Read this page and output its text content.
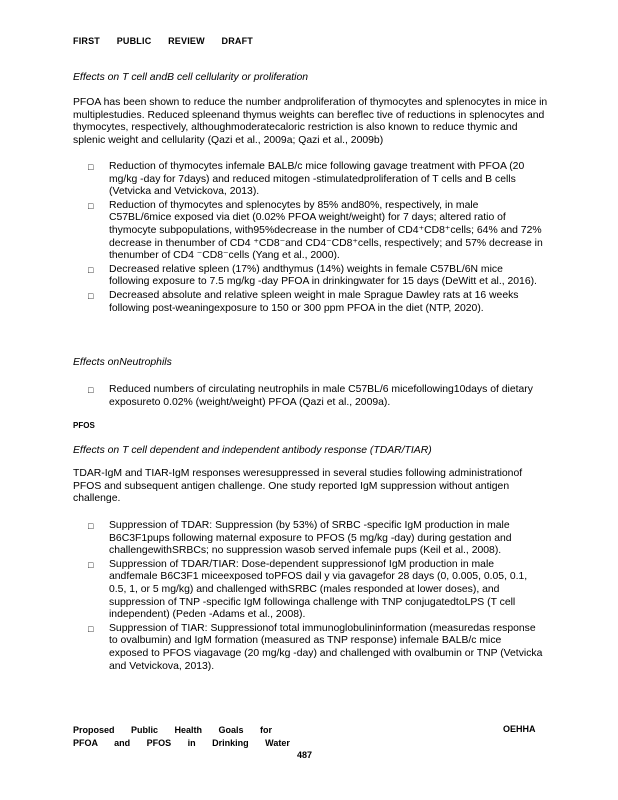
FIRST PUBLIC REVIEW DRAFT
Effects on T cell andB cell cellularity or proliferation
PFOA has been shown to reduce the number andproliferation of thymocytes and splenocytes in mice in multiplestudies. Reduced spleenand thymus weights can bereflec tive of reductions in splenocytes and thymocytes, respectively, althoughmoderatecaloric restriction is also known to reduce thymic and splenic weight and cellularity (Qazi et al., 2009a; Qazi et al., 2009b)
□ Reduction of thymocytes infemale BALB/c mice following gavage treatment with PFOA (20 mg/kg -day for 7days) and reduced mitogen -stimulatedproliferation of T cells and B cells (Vetvicka and Vetvickova, 2013).
□ Reduction of thymocytes and splenocytes by 85% and80%, respectively, in male C57BL/6mice exposed via diet (0.02% PFOA weight/weight) for 7 days; altered ratio of thymocyte subpopulations, with95%decrease in the number of CD4⁺CD8⁺cells; 64% and 72% decrease in thenumber of CD4 ⁺CD8⁻and CD4⁻CD8⁺cells, respectively; and 57% decrease in thenumber of CD4 ⁻CD8⁻cells (Yang et al., 2000).
□ Decreased relative spleen (17%) andthymus (14%) weights in female C57BL/6N mice following exposure to 7.5 mg/kg -day PFOA in drinkingwater for 15 days (DeWitt et al., 2016).
□ Decreased absolute and relative spleen weight in male Sprague Dawley rats at 16 weeks following post-weaningexposure to 150 or 300 ppm PFOA in the diet (NTP, 2020).
Effects onNeutrophils
□ Reduced numbers of circulating neutrophils in male C57BL/6 micefollowing10days of dietary exposureto 0.02% (weight/weight) PFOA (Qazi et al., 2009a).
PFOS
Effects on T cell dependent and independent antibody response (TDAR/TIAR)
TDAR-IgM and TIAR-IgM responses weresuppressed in several studies following administrationof PFOS and subsequent antigen challenge. One study reported IgM suppression without antigen challenge.
□ Suppression of TDAR: Suppression (by 53%) of SRBC -specific IgM production in male B6C3F1pups following maternal exposure to PFOS (5 mg/kg -day) during gestation and challengewithSRBCs; no suppression wasob served infemale pups (Keil et al., 2008).
□ Suppression of TDAR/TIAR: Dose-dependent suppressionof IgM production in male andfemale B6C3F1 miceexposed toPFOS dail y via gavagefor 28 days (0, 0.005, 0.05, 0.1, 0.5, 1, or 5 mg/kg) and challenged withSRBC (males responded at lower doses), and suppression of TNP -specific IgM followinga challenge with TNP conjugatedtoLPS (T cell independent) (Peden -Adams et al., 2008).
□ Suppression of TIAR: Suppressionof total immunoglobulininformation (measuredas response to ovalbumin) and IgM formation (measured as TNP response) infemale BALB/c mice exposed to PFOS viagavage (20 mg/kg -day) and challenged with ovalbumin or TNP (Vetvicka and Vetvickova, 2013).
Proposed Public Health Goals for
PFOA and PFOS in Drinking Water
OEHHA
487
